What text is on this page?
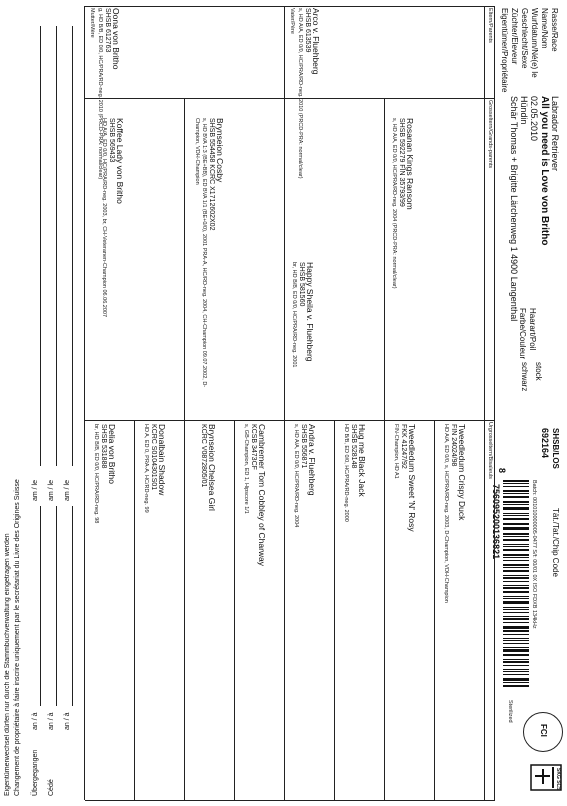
Rasse/Race
Name/Nom
Wurfdatum/Né(e) le
Geschlecht/Sexe
Züchter/Eleveur
Eigentümer/Propriétaire
Labrador Retriever
All you need is Love von Britho
02.05.2010
Hündin
Schär Thomas + Brigitte Lärchenweg 1 4900 Langenthal
Haarart/Poil
stock
Farbe/Couleur
schwarz
SHSB/LOS
692164
Tät./Tat./Chip Code
Batch: 001010000005-0477 S/f: 00/01 0X ISO FDXB 134kHz
Sterilized
8
756095200136821
FCI
SKG SCS
Eltern/Parents
Grosseltern/Grands-parents
Urgrosseltern/Bisaïeuls
Vater/Père
Mutter/Mère	Arco v. Fluehberg
SHSB 613539
s, HD A/A, ED 0/0, HC/PRA/RD-neg. 2010 (PRCD-PRA: normal/clear)
Oona von Britho
SHSB 612763
g, HD B/B, ED 0/0, HC/PRA/RD-neg. 2010 (PRCD-PRA: normal/clear)	Rosanan Kings Ransom
SHSB 592279 FIN 35793/99
s, HD A/A, ED 0/0, HC/PRA/RD-neg. 2004 (PRCD-PRA: normal/clear)
Happy Sheila v. Fluehberg
SHSB 581560
br, HD B/B, ED 0/0, HC/PRA/RD-neg. 2001
Brynseion Cosby
SHSB 554458 KCRC X1712602X02
s, HD BVA 1:3 (BE+BB), ED BVA 1/1 (BE+0/0), 2001 PRA-A, HC/RD-neg. 2004, CH-Champion 09.07.2002, D-Champion, VDH-Champion
Koffee Lady von Britho
SHSB 569433
HD A/A, ED 0/0, HC/PRA/RD-neg. 2003, br, CH-Veteranen-Champion 06.06.2007
Tweedledum Crispy Duck
FIN 24024/98
HD A/A, ED 0/0, s, HC/PRA/RD-neg. 2003, D-Champion, VDH-Champion
Tweedledum Sweet 'N' Rosy
FKK 41247/92
FIN-Champion, HD A1
Hug me Black Jack
SHSB 528148
HD B/B, ED 0/0, HC/PRA/RD-neg. 2000
Andra v. Fluehberg
SHSB 556871
s, HD A/A, ED 0/0, HC/PRA/RD-neg. 2004
Cambremer Tom Cobbley of Charway
KCSB 3473CF
s, GB-Champion, ED 1, Hipscore 1/1
Brynseion Chelsea Girl
KCRC V0872805/01
Donalbain Shadow
KCRC S0104301S01
HD A, ED 0, PRA-A, HC/RD-neg. 99
Delia von Britho
SHSB 531888
br, HD B/B, ED 0/0, HC/PRA/RD-neg. 98
Eigentümerwechsel dürfen nur durch die Stammbuchverwaltung eingetragen werden Changement de propriétaire à faire inscrire uniquement par le secrétariat du Livre des Origines Suisse Übergegangen
an / à
am / le
Cédé
an / à
am / le
an / à
am / le
